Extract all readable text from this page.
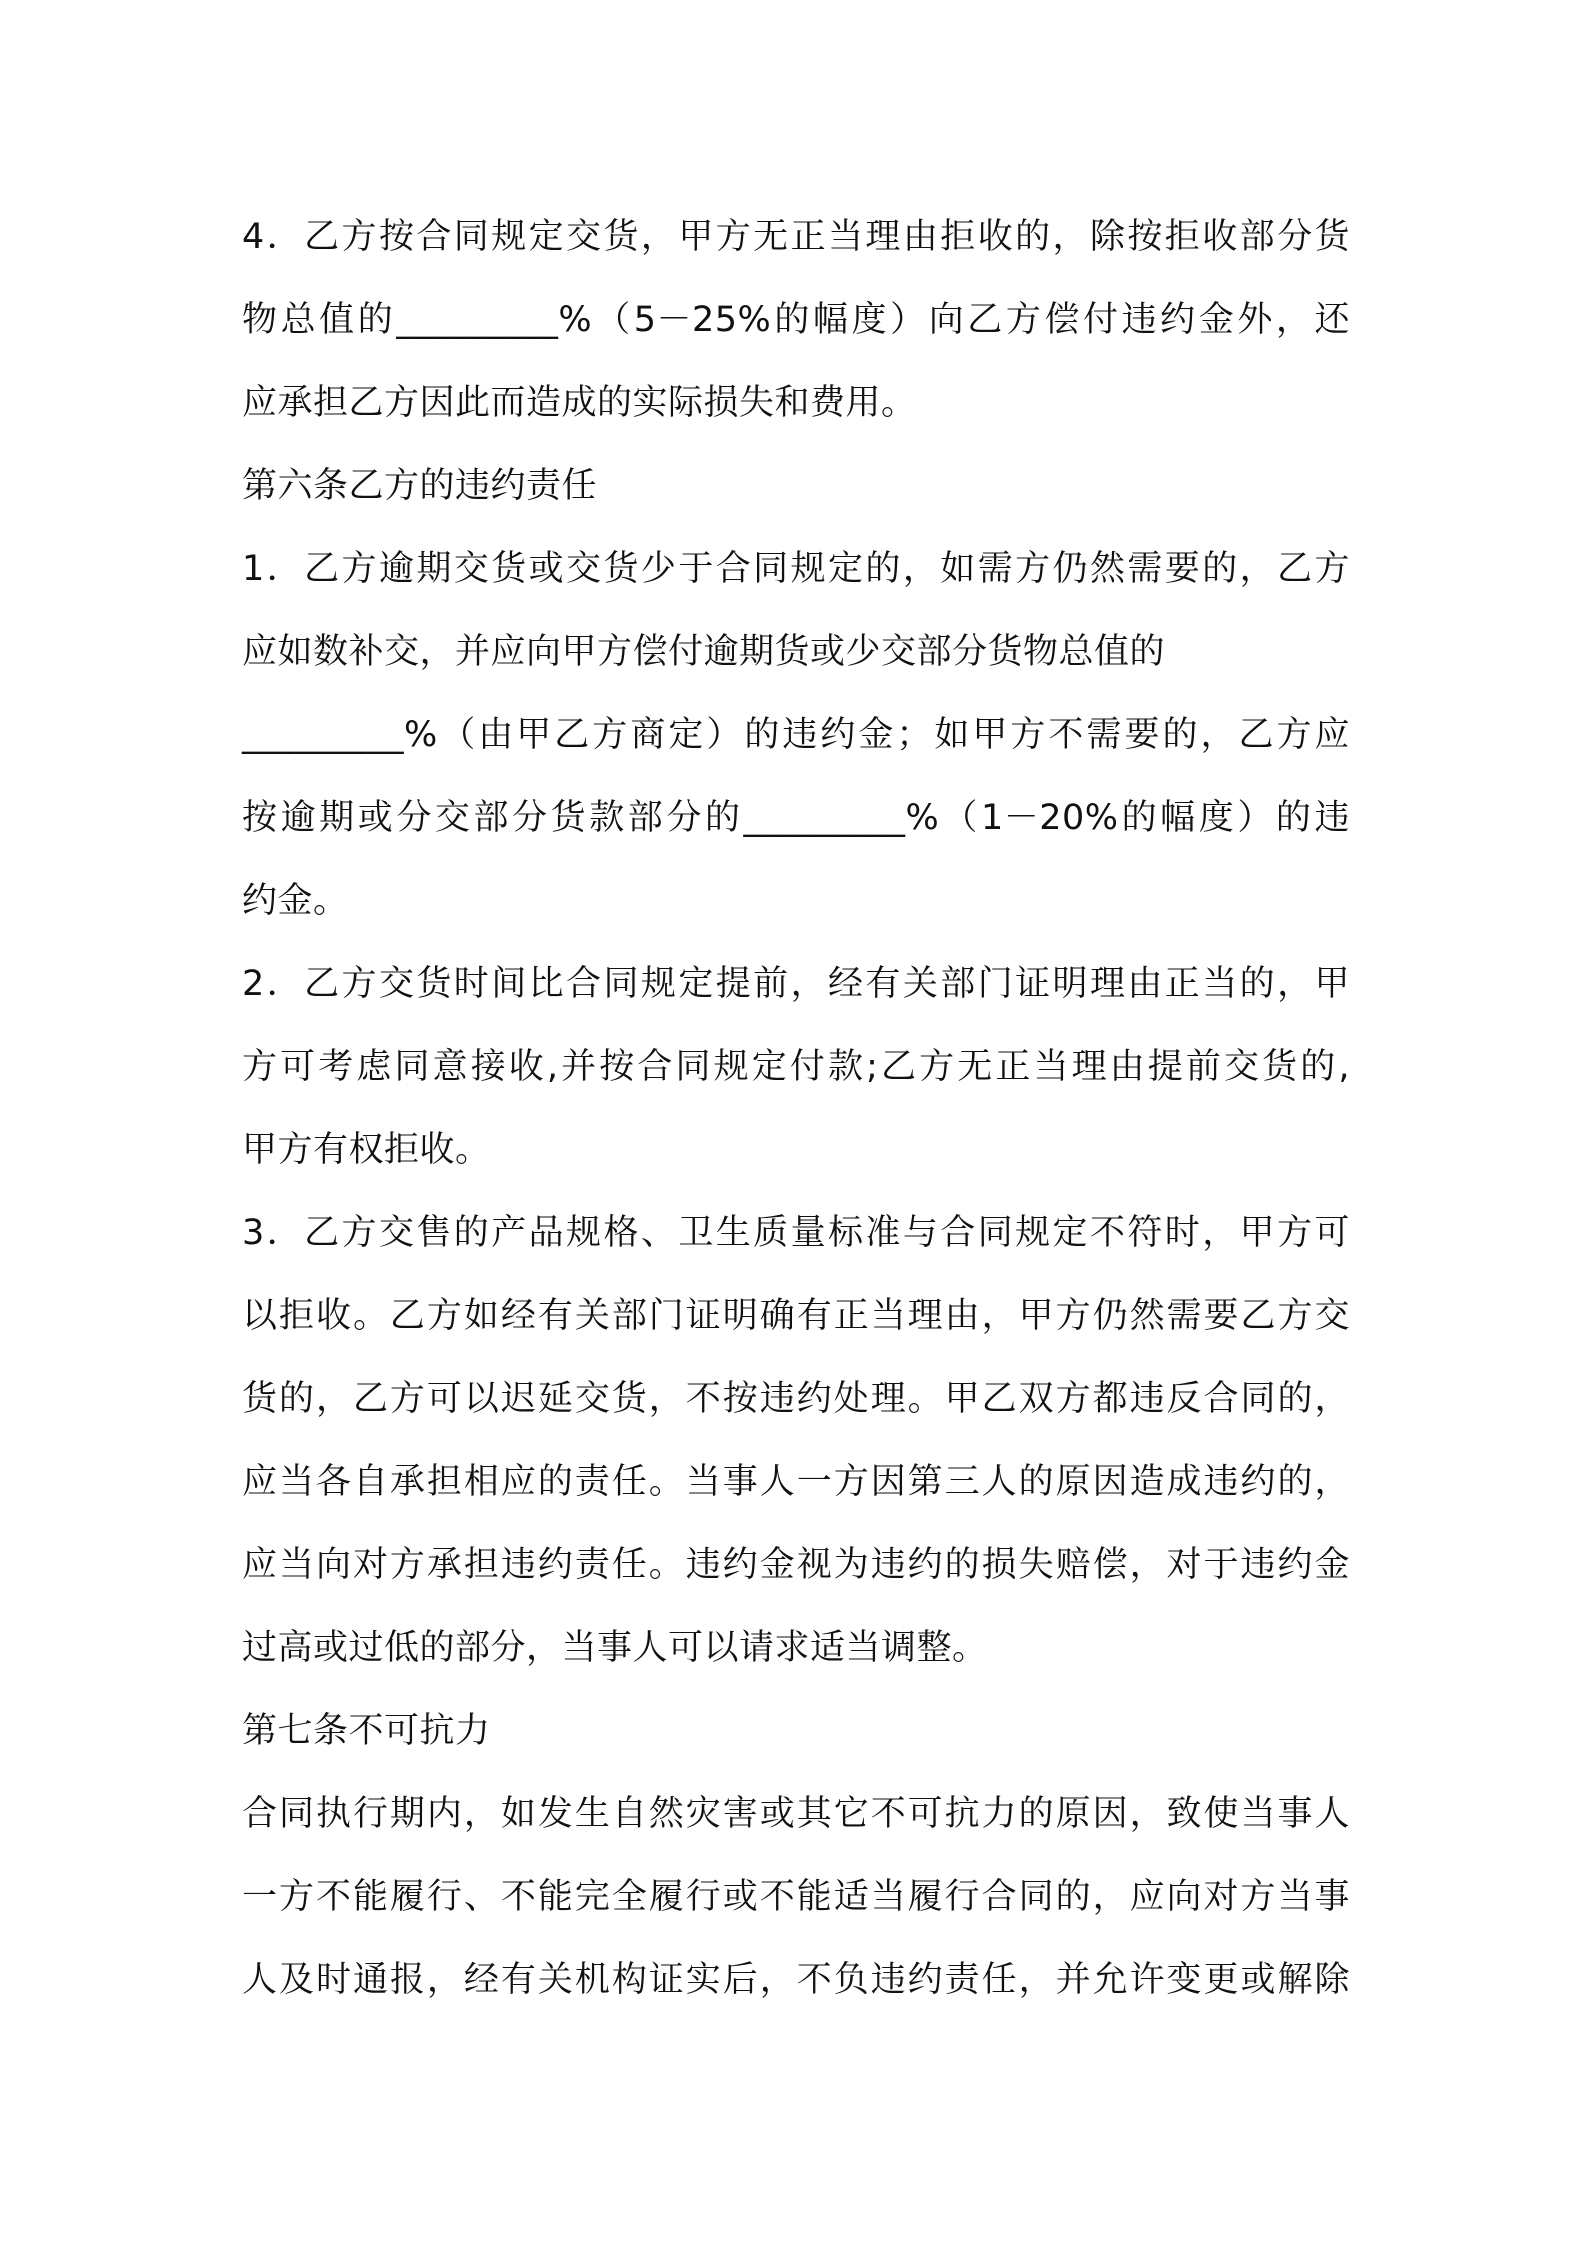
4．乙方按合同规定交货，甲方无正当理由拒收的，除按拒收部分货

物总值的_________%（5－25%的幅度）向乙方偿付违约金外，还

应承担乙方因此而造成的实际损失和费用。

第六条乙方的违约责任

1．乙方逾期交货或交货少于合同规定的，如需方仍然需要的，乙方

应如数补交，并应向甲方偿付逾期货或少交部分货物总值的

_________%（由甲乙方商定）的违约金；如甲方不需要的，乙方应

按逾期或分交部分货款部分的_________%（1－20%的幅度）的违

约金。

2．乙方交货时间比合同规定提前，经有关部门证明理由正当的，甲

方可考虑同意接收,并按合同规定付款;乙方无正当理由提前交货的,

甲方有权拒收。

3．乙方交售的产品规格、卫生质量标准与合同规定不符时，甲方可

以拒收。乙方如经有关部门证明确有正当理由，甲方仍然需要乙方交

货的，乙方可以迟延交货，不按违约处理。甲乙双方都违反合同的，

应当各自承担相应的责任。当事人一方因第三人的原因造成违约的，

应当向对方承担违约责任。违约金视为违约的损失赔偿，对于违约金

过高或过低的部分，当事人可以请求适当调整。

第七条不可抗力

合同执行期内，如发生自然灾害或其它不可抗力的原因，致使当事人

一方不能履行、不能完全履行或不能适当履行合同的，应向对方当事

人及时通报，经有关机构证实后，不负违约责任，并允许变更或解除
